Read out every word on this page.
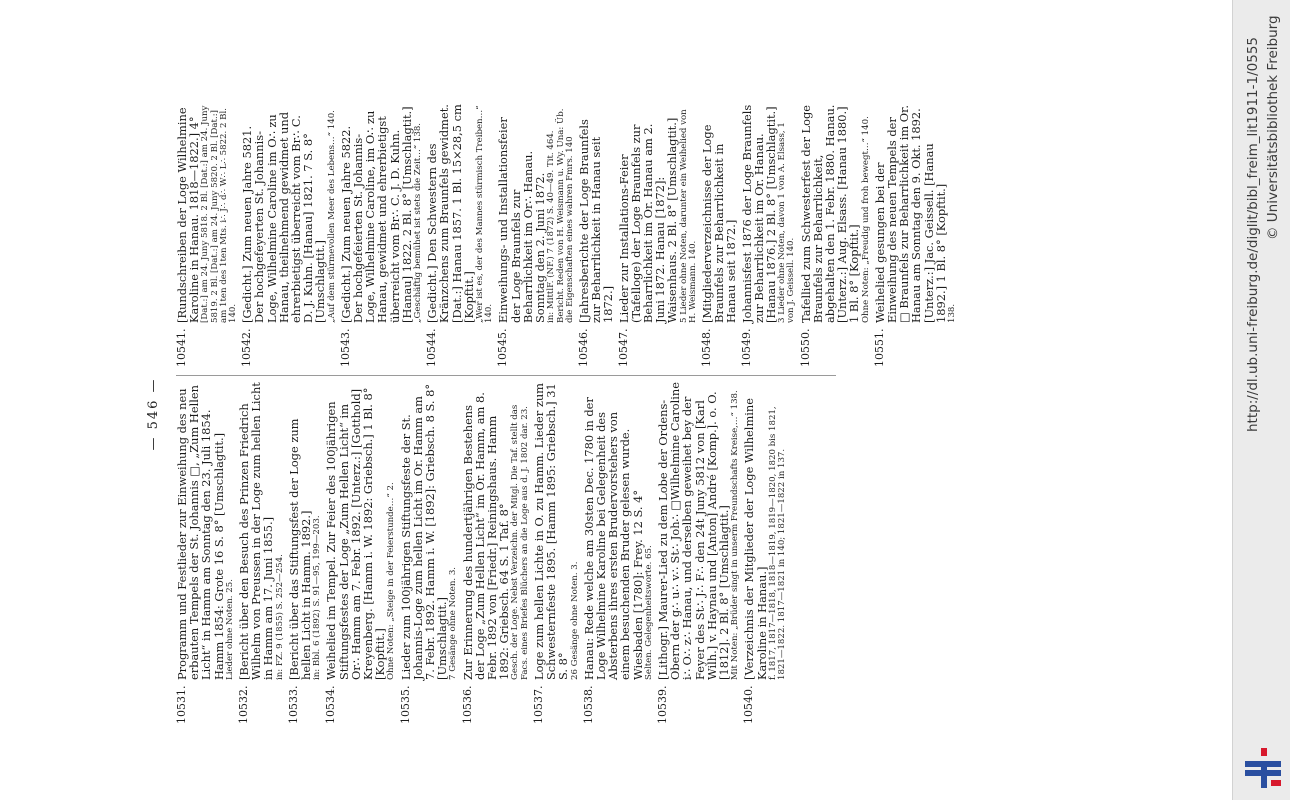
— 546 —
10531.
Programm und Festlieder zur Einweihung des neu erbauten Tempels der St. Johannis □, „Zum Hellen Licht“ in Hamm am Sonntag den 23. Juli 1854. Hamm 1854: Grote 16 S. 8° [Umschlagtit.] Lieder ohne Noten. 25.
10532.
[Bericht über den Besuch des Prinzen Friedrich Wilhelm von Preussen in der Loge zum hellen Licht in Hamm am 17. Juni 1855.] in: FZ. 9 (1855) S. 252—254.
10533.
[Bericht über das Stiftungsfest der Loge zum hellen Licht in Hamm. 1892.] in: Bbl. 6 (1892) S. 91—95, 199—203.
10534.
Weihelied im Tempel. Zur Feier des 100jährigen Stiftungsfestes der Loge „Zum Hellen Licht“ im Or∴ Hamm am 7. Febr. 1892. [Unterz.:] [Gotthold] Kreyenberg. [Hamm i. W. 1892: Griebsch.] 1 Bl. 8° [Kopftit.] Ohne Noten: „Steige in der Feierstunde…“ 2.
10535.
Lieder zum 100jährigen Stiftungsfeste der St. Johannis-Loge zum hellen Licht im Or. Hamm am 7. Febr. 1892. Hamm i. W. [1892]: Griebsch. 8 S. 8° [Umschlagtit.] 7 Gesänge ohne Noten. 3.
10536.
Zur Erinnerung des hundertjährigen Bestehens der Loge „Zum Hellen Licht“ im Or. Hamm, am 8. Febr. 1892 von [Friedr.] Reiningshaus. Hamm 1892: Griebsch. 64 S. 1 Taf. 8° Gesch. der Loge. Nebst Verzeichn. der Mitgl. Die Taf. stellt das Facs. eines Briefes Blüchers an die Loge aus d. J. 1802 dar. 23.
10537.
Loge zum hellen Lichte in O. zu Hamm. Lieder zum Schwesternfeste 1895. [Hamm 1895: Griebsch.] 31 S. 8° 26 Gesänge ohne Noten. 3.
10538.
Hanau: Rede welche am 30sten Dec. 1780 in der Loge Wilhelmine Karoline bei Gelegenheit des Absterbens ihres ersten Brudervorstehers von einem besuchenden Bruder gelesen wurde. Wiesbaden [1780]: Frey. 12 S. 4° Selten. Gelegenheitsworte. 65.
10539.
[Lithogr.] Maurer-Lied zu dem Lobe der Ordens-Obern der g∴ u∴ v∴ St∴ Joh∴ □Wilhelmine Caroline i∴ O∴ z∴ Hanau, und derselben geweihet bey der Feyer des St∴ J∴ F∴ den 24t Juny 5812 von [Karl Wilh.] v. Haynau und [Anton] André [Komp.]. o. O. [1812]. 2 Bl. 8° [Umschlagtit.] Mit Noten: „Brüder singt in unserm Freundschafts Kreise,…“ 138.
10540.
[Verzeichnis der Mitglieder der Loge Wilhelmine Karoline in Hanau.] f. 1817, 1817—1818, 1818—1819, 1819—1820, 1820 bis 1821, 1821—1822. 1817—1821 in 140; 1821—1822 in 137.
10541.
[Rundschreiben der Loge Wilhelmine Karoline in Hanau. 1818—1822.] 4° [Dat.:] am 24. Juny 5818. 2 Bl. [Dat.:] am 24. Juny 5819. 2 Bl. [Dat.:] am 24. Juny 5820. 2 Bl. [Dat.:] am 1ten des 1ten Mts. i∴ J∴ d∴ W∴ L∴ 5822. 2 Bl. 140.
10542.
[Gedicht.] Zum neuen Jahre 5821. Der hochgefeyerten St. Johannis-Loge, Wilhelmine Caroline im O∴ zu Hanau, theilnehmend gewidmet und ehrerbietigst überreicht vom Br∴ C. D. J. Kuhn. [Hanau] 1821. 7 S. 8° [Umschlagtit.] „Auf dem stürmevollen Meer des Lebens…“ 140.
10543.
[Gedicht.] Zum neuen Jahre 5822. Der hochgefeierten St. Johannis-Loge, Wilhelmine Caroline, im O∴ zu Hanau, gewidmet und ehrerbietigst überreicht vom Br∴ C. J. D. Kuhn. [Hanau] 1822. 2 Bl. 8° [Umschlagtit.] „Geschäftig bemühet ist stets die Zeit…“ 138.
10544.
[Gedicht.] Den Schwestern des Kränzchens zum Braunfels gewidmet. [Dat.:] Hanau 1857. 1 Bl. 15×28,5 cm [Kopftit.] „Wer ist es, der des Mannes stürmisch Treiben…“ 140.
10545.
Einweihungs- und Installationsfeier der Loge Braunfels zur Beharrlichkeit im Or∴ Hanau. Sonntag den 2. Juni 1872. in: MittlF. (NF.) 7 (1872) S. 40—49. Tit. 464. Bericht. Reden von H. Weismann u. Wy. Una: Üb. die Eigenschaften eines wahren Fmrs. 140
10546.
[Jahresberichte der Loge Braunfels zur Beharrlichkeit in Hanau seit 1872.]
10547.
Lieder zur Installations-Feier (Tafelloge) der Loge Braunfels zur Beharrlichkeit im Or. Hanau am 2. Juni 1872. Hanau [1872]: Waisenhaus. 2 Bl. 8° [Umschlagtit.] 5 Lieder ohne Noten, darunter ein Weihelied von H. Weismann. 140.
10548.
[Mitgliederverzeichnisse der Loge Braunfels zur Beharrlichkeit in Hanau seit 1872.]
10549.
Johannisfest 1876 der Loge Braunfels zur Beharrlichkeit im Or. Hanau. [Hanau 1876.] 2 Bl. 8° [Umschlagtit.] 3 Lieder ohne Noten, davon 1 von A. Elsass, 1 von J. Geissell. 140.
10550.
Tafellied zum Schwesterfest der Loge Braunfels zur Beharrlichkeit, abgehalten den 1. Febr. 1880. Hanau. [Unterz.:] Aug. Elsass. [Hanau 1880.] 1 Bl. 8° [Kopftit.] Ohne Noten: „Freudig und froh bewegt…“ 140.
10551.
Weihelied gesungen bei der Einweihung des neuen Tempels der □ Braunfels zur Beharrlichkeit im Or. Hanau am Sonntag den 9. Okt. 1892. [Unterz.:] Jac. Geissell. [Hanau 1892.] 1 Bl. 8° [Kopftit.] 138.	http://dl.ub.uni-freiburg.de/diglit/bibl_freim_lit1911-1/0555 © Universitätsbibliothek Freiburg
